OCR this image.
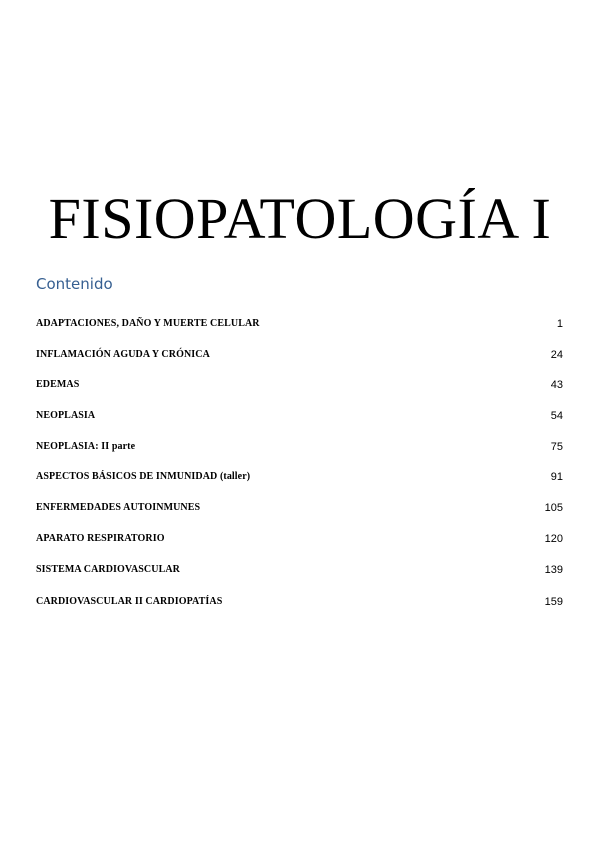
FISIOPATOLOGÍA I
Contenido
ADAPTACIONES, DAÑO Y MUERTE CELULAR	1
INFLAMACIÓN AGUDA Y CRÓNICA	24
EDEMAS	43
NEOPLASIA	54
NEOPLASIA: II parte	75
ASPECTOS BÁSICOS DE INMUNIDAD (taller)	91
ENFERMEDADES AUTOINMUNES	105
APARATO RESPIRATORIO	120
SISTEMA CARDIOVASCULAR	139
CARDIOVASCULAR II CARDIOPATÍAS	159
